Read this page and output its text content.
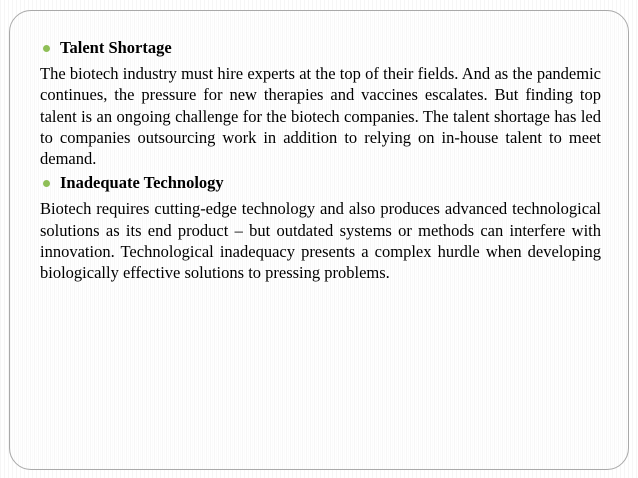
Talent Shortage

The biotech industry must hire experts at the top of their fields. And as the pandemic continues, the pressure for new therapies and vaccines escalates. But finding top talent is an ongoing challenge for the biotech companies. The talent shortage has led to companies outsourcing work in addition to relying on in-house talent to meet demand.

Inadequate Technology

Biotech requires cutting-edge technology and also produces advanced technological solutions as its end product – but outdated systems or methods can interfere with innovation. Technological inadequacy presents a complex hurdle when developing biologically effective solutions to pressing problems.
